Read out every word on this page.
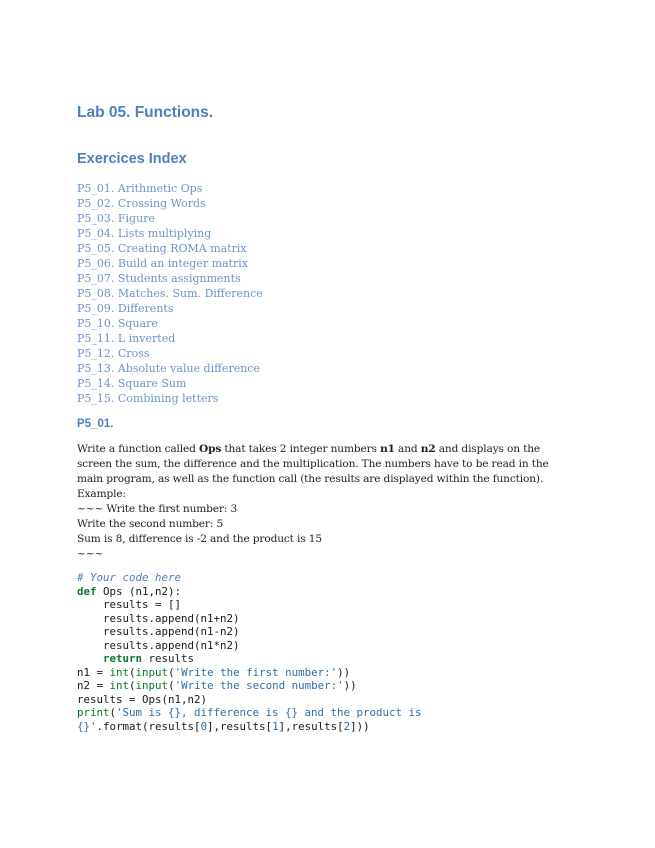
Lab 05. Functions.
Exercices Index
P5_01. Arithmetic Ops
P5_02. Crossing Words
P5_03. Figure
P5_04. Lists multiplying
P5_05. Creating ROMA matrix
P5_06. Build an integer matrix
P5_07. Students assignments
P5_08. Matches. Sum. Difference
P5_09. Differents
P5_10. Square
P5_11. L inverted
P5_12. Cross
P5_13. Absolute value difference
P5_14. Square Sum
P5_15. Combining letters
P5_01.

Write a function called Ops that takes 2 integer numbers n1 and n2 and displays on the

screen the sum, the difference and the multiplication. The numbers have to be read in the

main program, as well as the function call (the results are displayed within the function).

Example:

~~~ Write the first number: 3

Write the second number: 5

Sum is 8, difference is -2 and the product is 15

~~~

# Your code here
def Ops (n1,n2):
results = []
results.append(n1+n2)
results.append(n1-n2)
results.append(n1*n2)
return results
n1 = int(input('Write the first number:'))
n2 = int(input('Write the second number:'))
results = Ops(n1,n2)
print('Sum is {}, difference is {} and the product is
{}'.format(results[0],results[1],results[2]))
